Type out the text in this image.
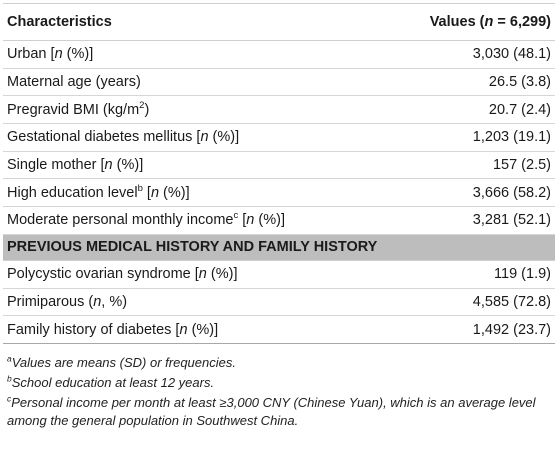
Characteristics	Values (n = 6,299)
Urban [n (%)]	3,030 (48.1)
Maternal age (years)	26.5 (3.8)
Pregravid BMI $(kg/m^2)$	20.7 (2.4)
Gestational diabetes mellitus [n (%)]	1,203 (19.1)
Single mother [n (%)]	157 (2.5)
High education level$^b$ [n (%)]	3,666 (58.2)
Moderate personal monthly income$^c$ [n (%)]	3,281 (52.1)
PREVIOUS MEDICAL HISTORY AND FAMILY HISTORY	
Polycystic ovarian syndrome [n (%)]	119 (1.9)
Primiparous (n, %)	4,585 (72.8)
Family history of diabetes [n (%)]	1,492 (23.7)

$^a$Values are means (SD) or frequencies.

$^b$School education at least 12 years.

$^c$Personal income per month at least ≥3,000 CNY (Chinese Yuan), which is an average level among the general population in Southwest China.
